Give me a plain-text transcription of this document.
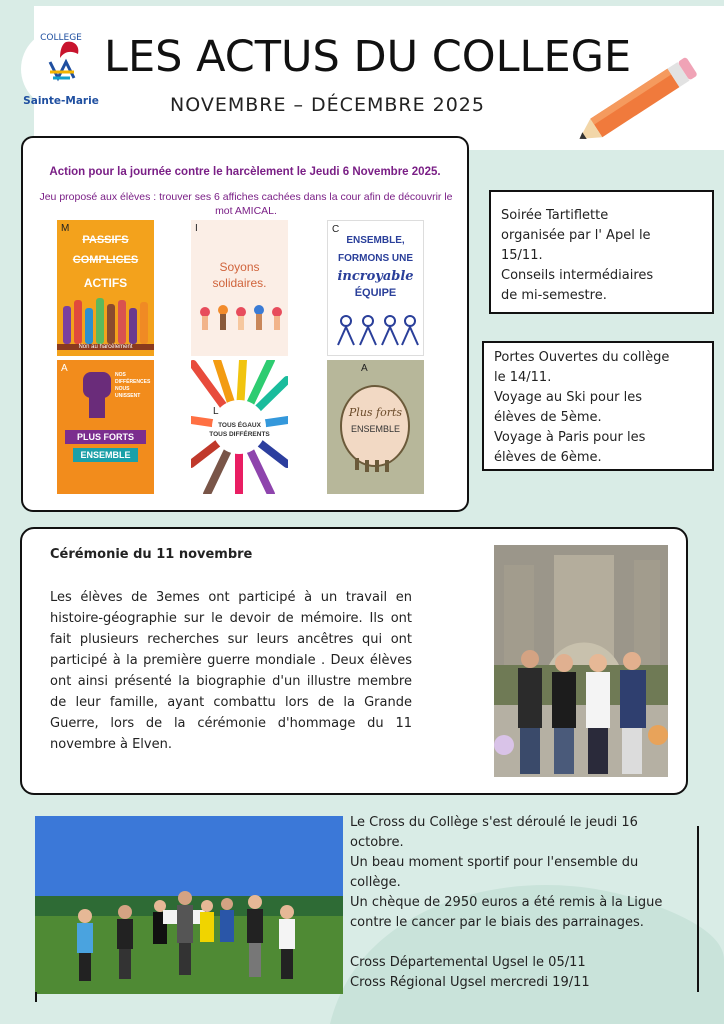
COLLEGE
Sainte-Marie
LES ACTUS DU COLLEGE
NOVEMBRE – DÉCEMBRE 2025
Action pour la journée contre le harcèlement le Jeudi 6 Novembre 2025.
Jeu proposé aux élèves : trouver ses 6 affiches cachées dans la cour afin de découvrir le mot AMICAL.
M
PASSIFS
COMPLICES
ACTIFS
Non au harcèlement
I
Soyons
solidaires.
C
ENSEMBLE,
FORMONS UNE
incroyable
ÉQUIPE
A
NOS
DIFFÉRENCES
NOUS
UNISSENT
PLUS FORTS
ENSEMBLE
L
TOUS ÉGAUX
TOUS DIFFÉRENTS
A
Plus forts
ENSEMBLE
Soirée Tartiflette
organisée par l' Apel le
15/11.
Conseils intermédiaires
de mi-semestre.
Portes Ouvertes du collège
le 14/11.
Voyage au Ski pour les
élèves de 5ème.
Voyage à Paris pour les
élèves de 6ème.
Cérémonie du 11 novembre
Les élèves de 3emes ont participé à un travail en histoire-géographie sur le devoir de mémoire. Ils ont fait plusieurs recherches sur leurs ancêtres qui ont participé à la première guerre mondiale . Deux élèves ont ainsi présenté la biographie d'un illustre membre de leur famille, ayant combattu lors de la Grande Guerre, lors de la cérémonie d'hommage du 11 novembre à Elven.
Le Cross du Collège s'est déroulé le jeudi 16
octobre.
Un beau moment sportif pour l'ensemble du
collège.
Un chèque de 2950 euros a été remis à la Ligue
contre le cancer par le biais des parrainages.
Cross Départemental Ugsel le 05/11
Cross Régional Ugsel mercredi 19/11
